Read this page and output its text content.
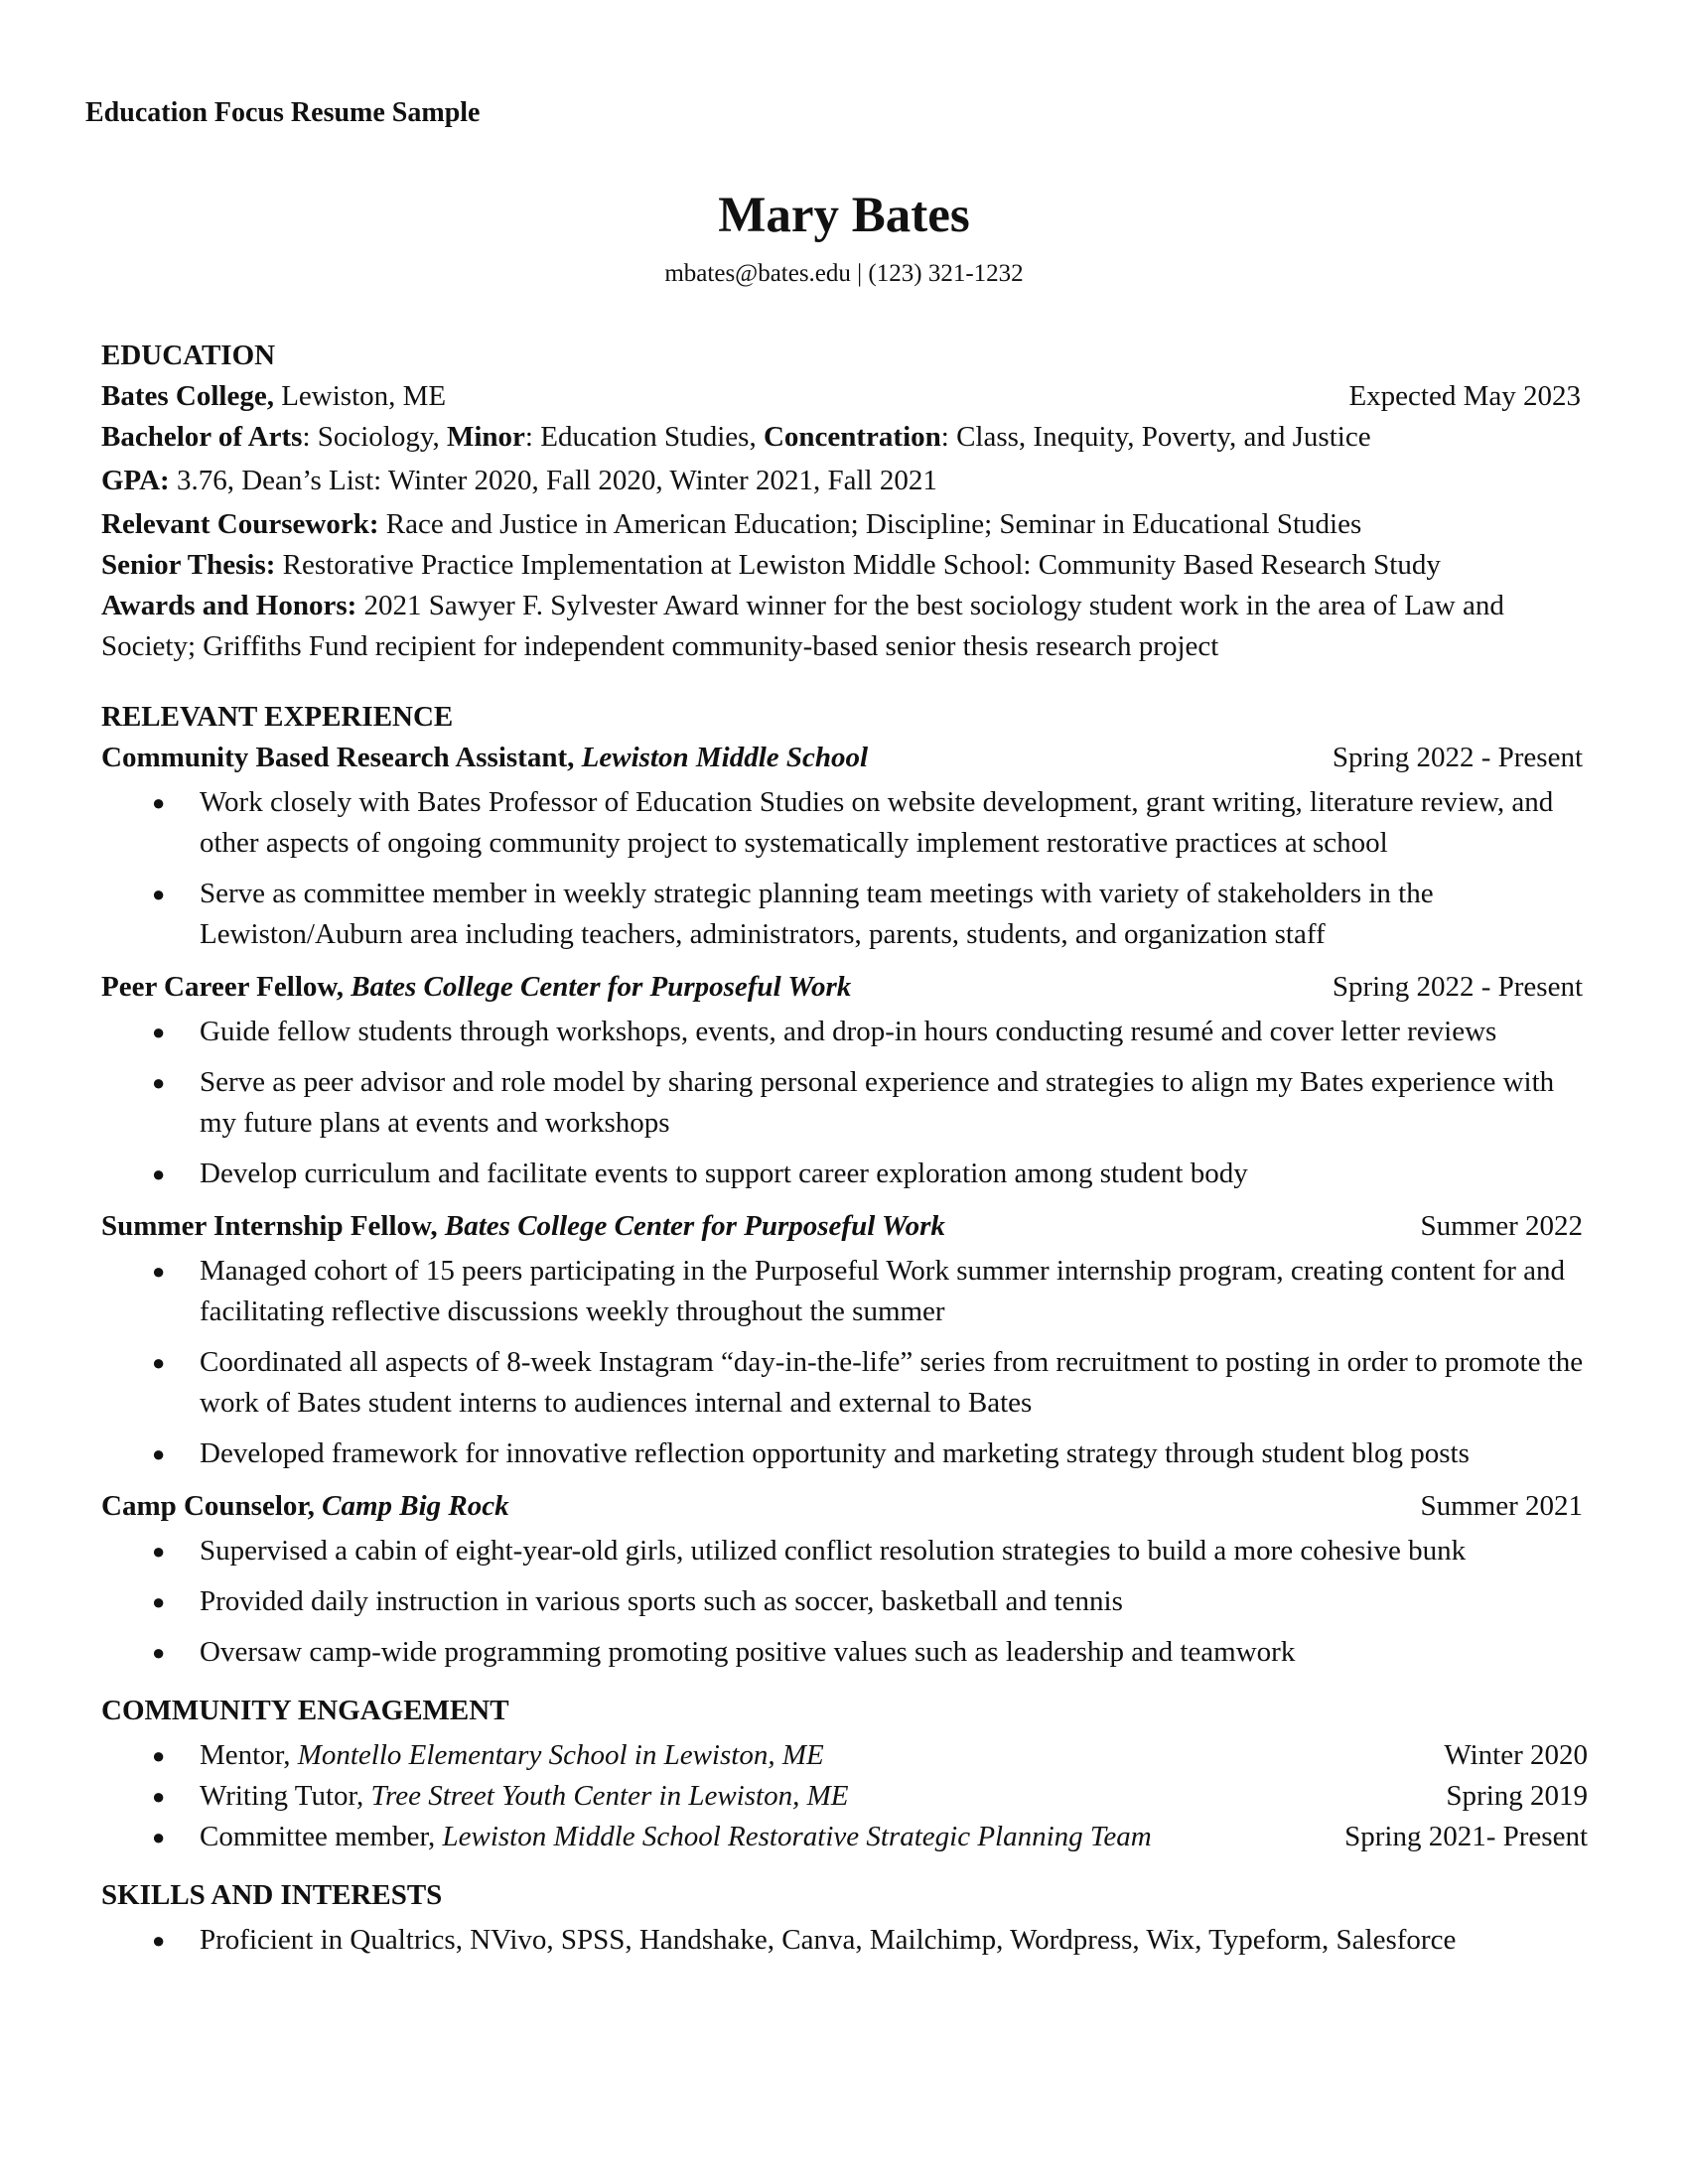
Education Focus Resume Sample
Mary Bates
mbates@bates.edu | (123) 321-1232
EDUCATION
Bates College, Lewiston, ME	Expected May 2023
Bachelor of Arts: Sociology, Minor: Education Studies, Concentration: Class, Inequity, Poverty, and Justice
GPA: 3.76, Dean’s List: Winter 2020, Fall 2020, Winter 2021, Fall 2021
Relevant Coursework: Race and Justice in American Education; Discipline; Seminar in Educational Studies
Senior Thesis: Restorative Practice Implementation at Lewiston Middle School: Community Based Research Study
Awards and Honors: 2021 Sawyer F. Sylvester Award winner for the best sociology student work in the area of Law and Society; Griffiths Fund recipient for independent community-based senior thesis research project
RELEVANT EXPERIENCE
Community Based Research Assistant, Lewiston Middle School	Spring 2022 - Present
● Work closely with Bates Professor of Education Studies on website development, grant writing, literature review, and other aspects of ongoing community project to systematically implement restorative practices at school
● Serve as committee member in weekly strategic planning team meetings with variety of stakeholders in the Lewiston/Auburn area including teachers, administrators, parents, students, and organization staff
Peer Career Fellow, Bates College Center for Purposeful Work	Spring 2022 - Present
● Guide fellow students through workshops, events, and drop-in hours conducting resumé and cover letter reviews
● Serve as peer advisor and role model by sharing personal experience and strategies to align my Bates experience with my future plans at events and workshops
● Develop curriculum and facilitate events to support career exploration among student body
Summer Internship Fellow, Bates College Center for Purposeful Work	Summer 2022
● Managed cohort of 15 peers participating in the Purposeful Work summer internship program, creating content for and facilitating reflective discussions weekly throughout the summer
● Coordinated all aspects of 8-week Instagram “day-in-the-life” series from recruitment to posting in order to promote the work of Bates student interns to audiences internal and external to Bates
● Developed framework for innovative reflection opportunity and marketing strategy through student blog posts
Camp Counselor, Camp Big Rock	Summer 2021
● Supervised a cabin of eight-year-old girls, utilized conflict resolution strategies to build a more cohesive bunk
● Provided daily instruction in various sports such as soccer, basketball and tennis
● Oversaw camp-wide programming promoting positive values such as leadership and teamwork
COMMUNITY ENGAGEMENT
● Mentor, Montello Elementary School in Lewiston, ME	Winter 2020
● Writing Tutor, Tree Street Youth Center in Lewiston, ME	Spring 2019
● Committee member, Lewiston Middle School Restorative Strategic Planning Team	Spring 2021- Present
SKILLS AND INTERESTS
● Proficient in Qualtrics, NVivo, SPSS, Handshake, Canva, Mailchimp, Wordpress, Wix, Typeform, Salesforce
